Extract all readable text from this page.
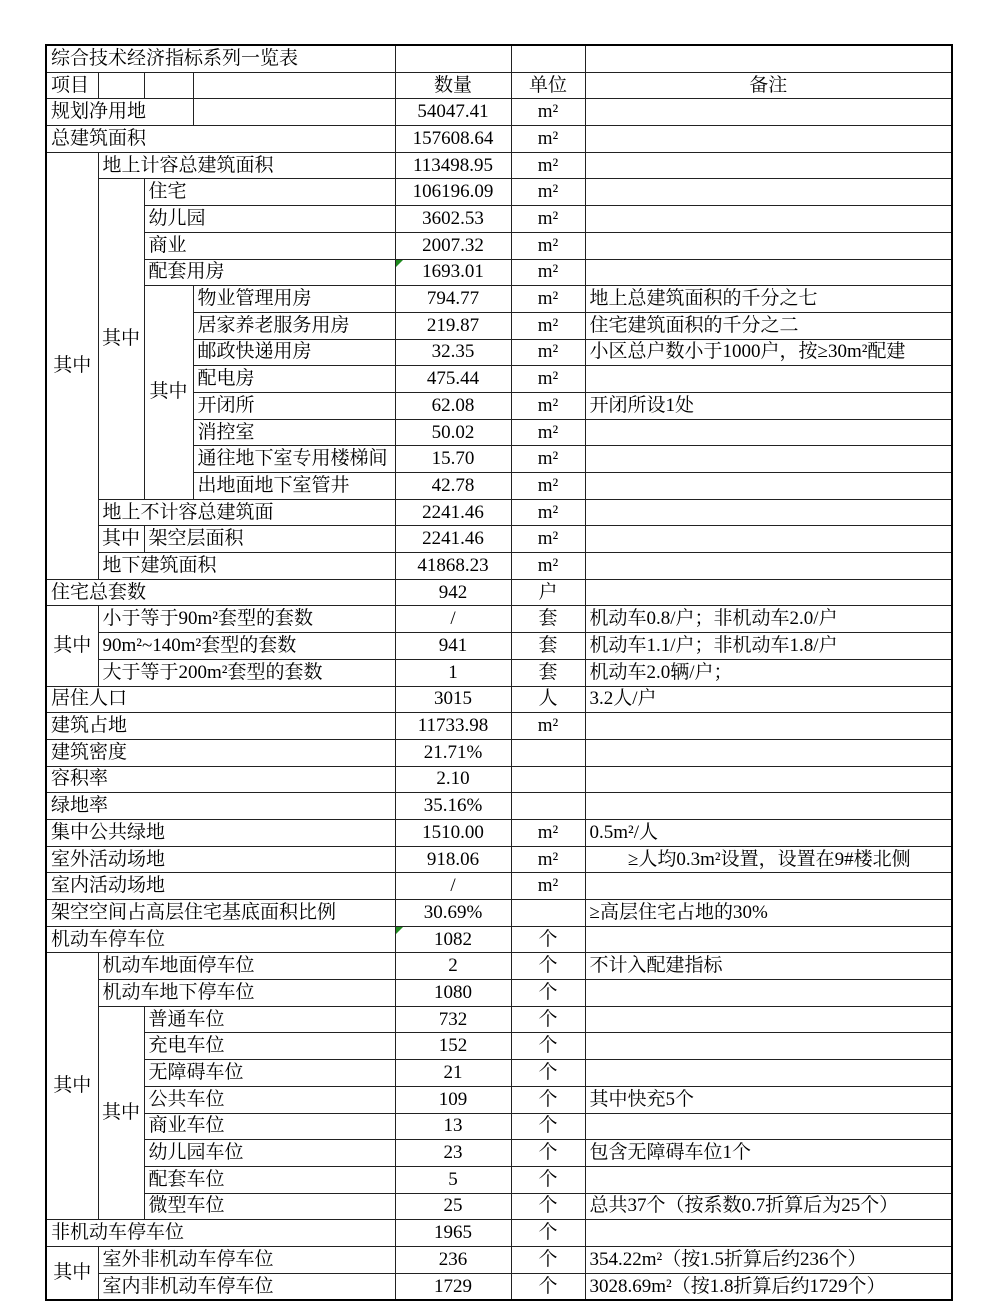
综合技术经济指标系列一览表						
项目				数量	单位	备注
规划净用地				54047.41	m²	
总建筑面积				157608.64	m²	
其中	地上计容总建筑面积			113498.95	m²	
	其中	住宅		106196.09	m²	
		幼儿园		3602.53	m²	
		商业		2007.32	m²	
		配套用房		1693.01	m²	
		其中	物业管理用房	794.77	m²	地上总建筑面积的千分之七
			居家养老服务用房	219.87	m²	住宅建筑面积的千分之二
			邮政快递用房	32.35	m²	小区总户数小于1000户，按≥30m²配建
			配电房	475.44	m²	
			开闭所	62.08	m²	开闭所设1处
			消控室	50.02	m²	
			通往地下室专用楼梯间	15.70	m²	
			出地面地下室管井	42.78	m²	
	地上不计容总建筑面			2241.46	m²	
	其中	架空层面积		2241.46	m²	
	地下建筑面积			41868.23	m²	
住宅总套数				942	户	
其中	小于等于90m²套型的套数			/	套	机动车0.8/户；非机动车2.0/户
	90m²~140m²套型的套数			941	套	机动车1.1/户；非机动车1.8/户
	大于等于200m²套型的套数			1	套	机动车2.0辆/户；
居住人口				3015	人	3.2人/户
建筑占地				11733.98	m²	
建筑密度				21.71%		
容积率				2.10		
绿地率				35.16%		
集中公共绿地				1510.00	m²	0.5m²/人
室外活动场地				918.06	m²	≥人均0.3m²设置，设置在9#楼北侧
室内活动场地				/	m²	
架空空间占高层住宅基底面积比例				30.69%		≥高层住宅占地的30%
机动车停车位				1082	个	
其中	机动车地面停车位			2	个	不计入配建指标
	机动车地下停车位			1080	个	
	其中	普通车位		732	个	
		充电车位		152	个	
		无障碍车位		21	个	
		公共车位		109	个	其中快充5个
		商业车位		13	个	
		幼儿园车位		23	个	包含无障碍车位1个
		配套车位		5	个	
		微型车位		25	个	总共37个（按系数0.7折算后为25个）
非机动车停车位				1965	个	
其中	室外非机动车停车位			236	个	354.22m²（按1.5折算后约236个）
	室内非机动车停车位			1729	个	3028.69m²（按1.8折算后约1729个）
